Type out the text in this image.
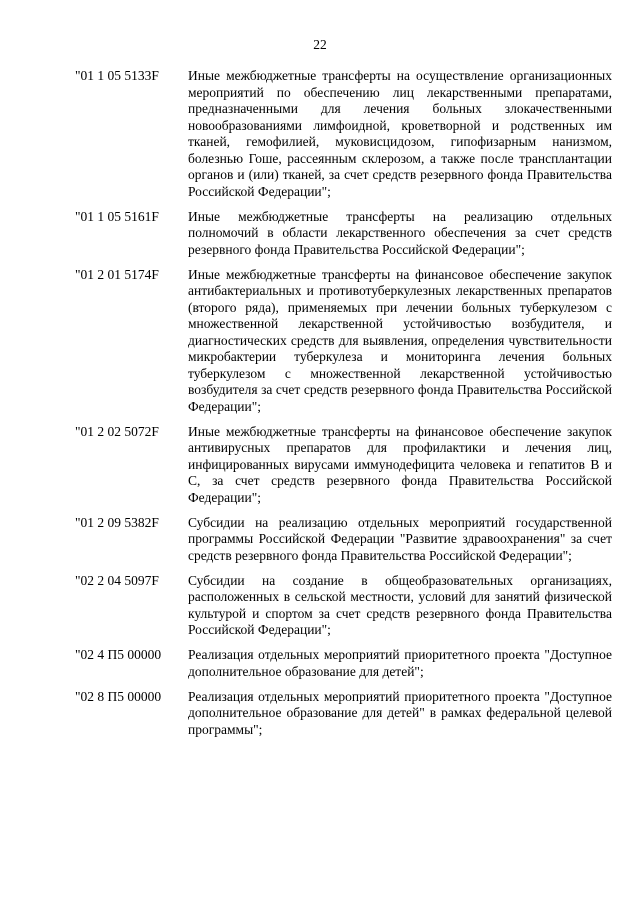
22
"01 1 05 5133F	Иные межбюджетные трансферты на осуществление организационных мероприятий по обеспечению лиц лекарственными препаратами, предназначенными для лечения больных злокачественными новообразованиями лимфоидной, кроветворной и родственных им тканей, гемофилией, муковисцидозом, гипофизарным нанизмом, болезнью Гоше, рассеянным склерозом, а также после трансплантации органов и (или) тканей, за счет средств резервного фонда Правительства Российской Федерации";
"01 1 05 5161F	Иные межбюджетные трансферты на реализацию отдельных полномочий в области лекарственного обеспечения за счет средств резервного фонда Правительства Российской Федерации";
"01 2 01 5174F	Иные межбюджетные трансферты на финансовое обеспечение закупок антибактериальных и противотуберкулезных лекарственных препаратов (второго ряда), применяемых при лечении больных туберкулезом с множественной лекарственной устойчивостью возбудителя, и диагностических средств для выявления, определения чувствительности микробактерии туберкулеза и мониторинга лечения больных туберкулезом с множественной лекарственной устойчивостью возбудителя за счет средств резервного фонда Правительства Российской Федерации";
"01 2 02 5072F	Иные межбюджетные трансферты на финансовое обеспечение закупок антивирусных препаратов для профилактики и лечения лиц, инфицированных вирусами иммунодефицита человека и гепатитов B и C, за счет средств резервного фонда Правительства Российской Федерации";
"01 2 09 5382F	Субсидии на реализацию отдельных мероприятий государственной программы Российской Федерации "Развитие здравоохранения" за счет средств резервного фонда Правительства Российской Федерации";
"02 2 04 5097F	Субсидии на создание в общеобразовательных организациях, расположенных в сельской местности, условий для занятий физической культурой и спортом за счет средств резервного фонда Правительства Российской Федерации";
"02 4 П5 00000	Реализация отдельных мероприятий приоритетного проекта "Доступное дополнительное образование для детей";
"02 8 П5 00000	Реализация отдельных мероприятий приоритетного проекта "Доступное дополнительное образование для детей" в рамках федеральной целевой программы";
